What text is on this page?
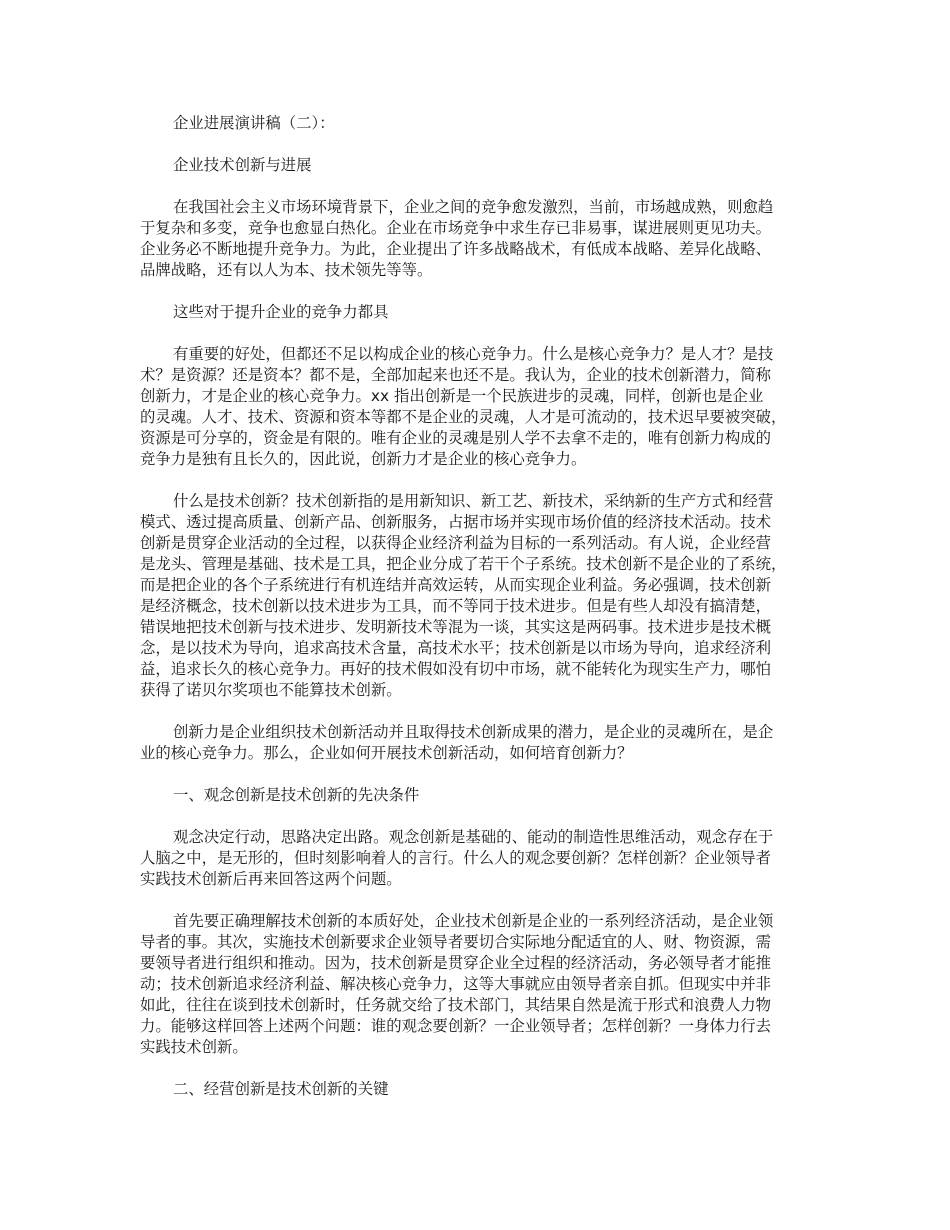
企业进展演讲稿（二）：

企业技术创新与进展

在我国社会主义市场环境背景下，企业之间的竞争愈发激烈，当前，市场越成熟，则愈趋

于复杂和多变，竞争也愈显白热化。企业在市场竞争中求生存已非易事，谋进展则更见功夫。

企业务必不断地提升竞争力。为此，企业提出了许多战略战术，有低成本战略、差异化战略、

品牌战略，还有以人为本、技术领先等等。

这些对于提升企业的竞争力都具

有重要的好处，但都还不足以构成企业的核心竞争力。什么是核心竞争力？是人才？是技

术？是资源？还是资本？都不是，全部加起来也还不是。我认为，企业的技术创新潜力，简称

创新力，才是企业的核心竞争力。xx 指出创新是一个民族进步的灵魂，同样，创新也是企业

的灵魂。人才、技术、资源和资本等都不是企业的灵魂，人才是可流动的，技术迟早要被突破，

资源是可分享的，资金是有限的。唯有企业的灵魂是别人学不去拿不走的，唯有创新力构成的

竞争力是独有且长久的，因此说，创新力才是企业的核心竞争力。

什么是技术创新？技术创新指的是用新知识、新工艺、新技术，采纳新的生产方式和经营

模式、透过提高质量、创新产品、创新服务，占据市场并实现市场价值的经济技术活动。技术

创新是贯穿企业活动的全过程，以获得企业经济利益为目标的一系列活动。有人说，企业经营

是龙头、管理是基础、技术是工具，把企业分成了若干个子系统。技术创新不是企业的了系统，

而是把企业的各个子系统进行有机连结并高效运转，从而实现企业利益。务必强调，技术创新

是经济概念，技术创新以技术进步为工具，而不等同于技术进步。但是有些人却没有搞清楚，

错误地把技术创新与技术进步、发明新技术等混为一谈，其实这是两码事。技术进步是技术概

念，是以技术为导向，追求高技术含量，高技术水平；技术创新是以市场为导向，追求经济利

益，追求长久的核心竞争力。再好的技术假如没有切中市场，就不能转化为现实生产力，哪怕

获得了诺贝尔奖项也不能算技术创新。

创新力是企业组织技术创新活动并且取得技术创新成果的潜力，是企业的灵魂所在，是企

业的核心竞争力。那么，企业如何开展技术创新活动，如何培育创新力？

一、观念创新是技术创新的先决条件

观念决定行动，思路决定出路。观念创新是基础的、能动的制造性思维活动，观念存在于

人脑之中，是无形的，但时刻影响着人的言行。什么人的观念要创新？怎样创新？企业领导者

实践技术创新后再来回答这两个问题。

首先要正确理解技术创新的本质好处，企业技术创新是企业的一系列经济活动，是企业领

导者的事。其次，实施技术创新要求企业领导者要切合实际地分配适宜的人、财、物资源，需

要领导者进行组织和推动。因为，技术创新是贯穿企业全过程的经济活动，务必领导者才能推

动；技术创新追求经济利益、解决核心竞争力，这等大事就应由领导者亲自抓。但现实中并非

如此，往往在谈到技术创新时，任务就交给了技术部门，其结果自然是流于形式和浪费人力物

力。能够这样回答上述两个问题：谁的观念要创新？一企业领导者；怎样创新？一身体力行去

实践技术创新。

二、经营创新是技术创新的关键
